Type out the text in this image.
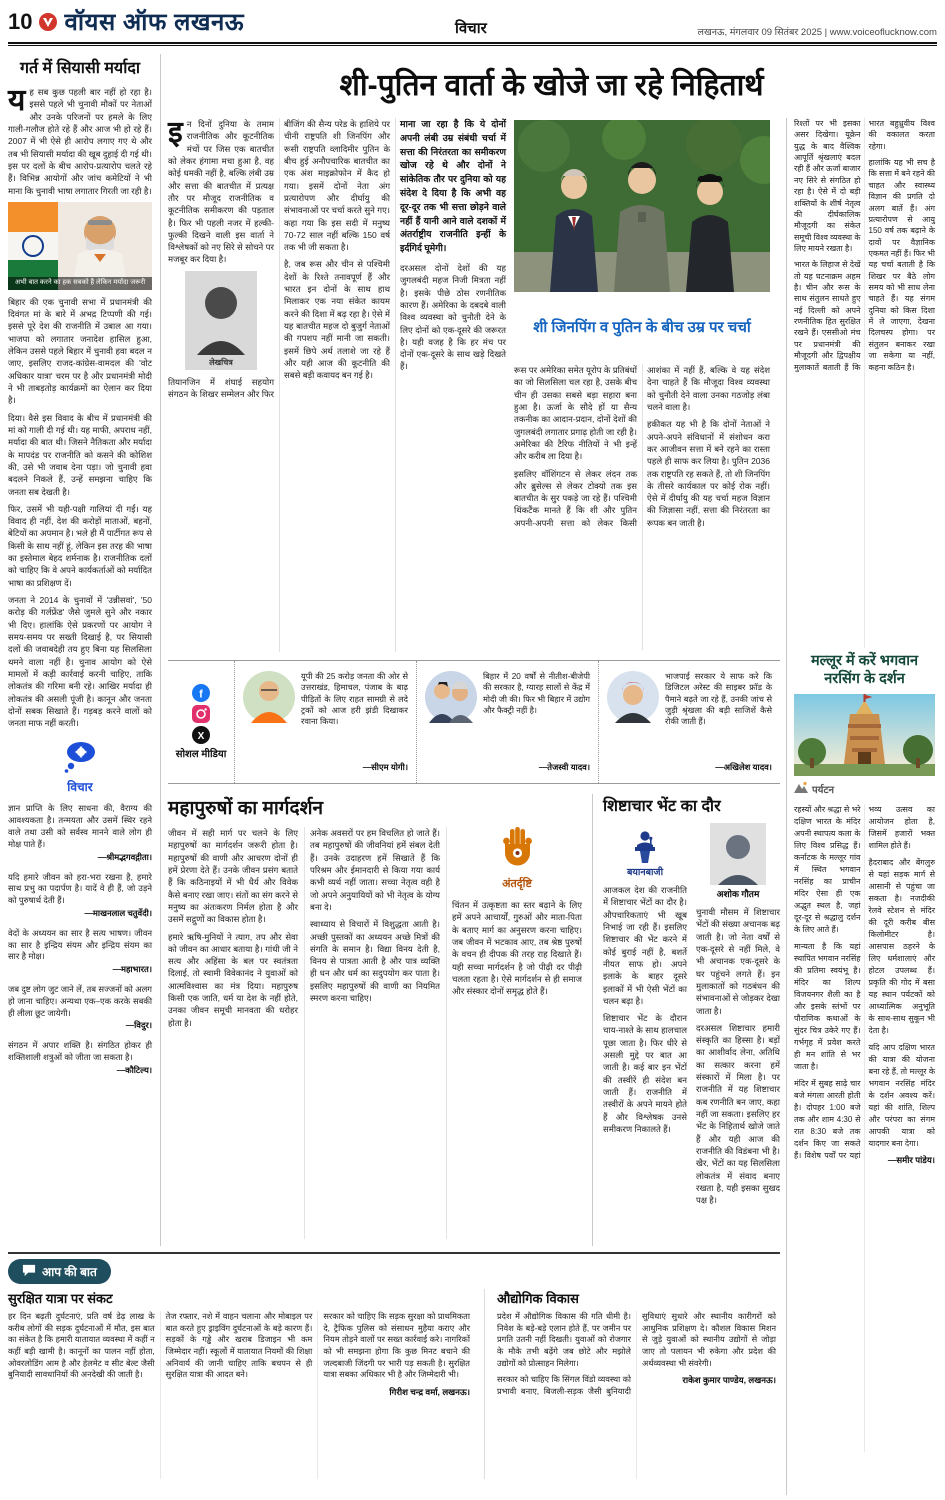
10 वॉयस ऑफ लखनऊ	विचार	लखनऊ, मंगलवार 09 सितंबर 2025 | www.voiceoflucknow.com
गर्त में सियासी मर्यादा

यह सब कुछ पहली बार नहीं हो रहा है। इससे पहले भी चुनावी मौकों पर नेताओं और उनके परिजनों पर हमले के लिए गाली-गलौज होते रहे हैं और आज भी हो रहे हैं। 2007 में भी ऐसे ही आरोप लगाए गए थे और तब भी सियासी मर्यादा की खूब दुहाई दी गई थी। इस पर दलों के बीच आरोप-प्रत्यारोप चलते रहे हैं। विभिन्न आयोगों और जांच कमेटियों ने भी माना कि चुनावी भाषा लगातार गिरती जा रही है।

अभी बात करने का हक सबको है लेकिन मर्यादा जरूरी

बिहार की एक चुनावी सभा में प्रधानमंत्री की दिवंगत मां के बारे में अभद्र टिप्पणी की गई। इससे पूरे देश की राजनीति में उबाल आ गया। भाजपा को लगातार जनादेश हासिल हुआ, लेकिन उससे पहले बिहार में चुनावी हवा बदल न जाए, इसलिए राजद-कांग्रेस-वामदल की 'वोट अधिकार यात्रा' चरम पर है और प्रधानमंत्री मोदी ने भी ताबड़तोड़ कार्यक्रमों का ऐलान कर दिया है।

दिया। वैसे इस विवाद के बीच में प्रधानमंत्री की मां को गाली दी गई थी। यह माफी, अपराध नहीं, मर्यादा की बात थी। जिसने नैतिकता और मर्यादा के मापदंड पर राजनीति को कसने की कोशिश की, उसे भी जवाब देना पड़ा। जो चुनावी हवा बदलने निकले हैं, उन्हें समझना चाहिए कि जनता सब देखती है।

फिर, उसमें भी यही-पक्षी गालियां दी गईं। यह विवाद ही नहीं, देश की करोड़ों माताओं, बहनों, बेटियों का अपमान है। भले ही मैं पार्टीगत रूप से किसी के साथ नहीं हूं, लेकिन इस तरह की भाषा का इस्तेमाल बेहद शर्मनाक है। राजनीतिक दलों को चाहिए कि वे अपने कार्यकर्ताओं को मर्यादित भाषा का प्रशिक्षण दें।

जनता ने 2014 के चुनावों में 'उन्नीसवां', '50 करोड़ की गर्लफ्रेंड' जैसे जुमले सुने और नकार भी दिए। हालांकि ऐसे प्रकरणों पर आयोग ने समय-समय पर सख्ती दिखाई है, पर सियासी दलों की जवाबदेही तय हुए बिना यह सिलसिला थमने वाला नहीं है। चुनाव आयोग को ऐसे मामलों में कड़ी कार्रवाई करनी चाहिए, ताकि लोकतंत्र की गरिमा बनी रहे। आखिर मर्यादा ही लोकतंत्र की असली पूंजी है। कानून और जनता दोनों सबक सिखाते हैं। गड़बड़ करने वालों को जनता माफ नहीं करती।

विचार

ज्ञान प्राप्ति के लिए साधना की, वैराग्य की आवश्यकता है। तन्मयता और उसमें स्थिर रहने वाले तथा उसी को सर्वस्व मानने वाले लोग ही मोक्ष पाते हैं।

—श्रीमद्भगवद्गीता।

यदि हमारे जीवन को हरा-भरा रखना है, हमारे साथ प्रभु का पदार्पण है। यादें वे ही हैं, जो उड़ने को पुरुषार्थ देती हैं।

—माखनलाल चतुर्वेदी।

वेदों के अध्ययन का सार है सत्य भाषण। जीवन का सार है इन्द्रिय संयम और इन्द्रिय संयम का सार है मोक्ष।

—महाभारत।

जब दुष्ट लोग जुट जाने लें, तब सज्जनों को अलग हो जाना चाहिए। अन्यथा एक–एक करके सबकी ही लीला छूट जायेगी।

—विदुर।

संगठन में अपार शक्ति है। संगठित होकर ही शक्तिशाली शत्रुओं को जीता जा सकता है।

—कौटिल्य।

शी-पुतिन वार्ता के खोजे जा रहे निहितार्थ

इन दिनों दुनिया के तमाम राजनीतिक और कूटनीतिक मंचों पर जिस एक बातचीत को लेकर हंगामा मचा हुआ है, वह कोई धमकी नहीं है, बल्कि लंबी उम्र और सत्ता की बातचीत में प्रत्यक्ष तौर पर मौजूद राजनीतिक व कूटनीतिक समीकरण की पड़ताल है। फिर भी पहली नजर में हल्की-फुल्की दिखने वाली इस वार्ता ने विश्लेषकों को नए सिरे से सोचने पर मजबूर कर दिया है।

लेखचित्र

तियानजिन में शंघाई सहयोग संगठन के शिखर सम्मेलन और फिर बीजिंग की सैन्य परेड के हाशिये पर चीनी राष्ट्रपति शी जिनपिंग और रूसी राष्ट्रपति व्लादिमीर पुतिन के बीच हुई अनौपचारिक बातचीत का एक अंश माइक्रोफोन में कैद हो गया। इसमें दोनों नेता अंग प्रत्यारोपण और दीर्घायु की संभावनाओं पर चर्चा करते सुने गए। कहा गया कि इस सदी में मनुष्य 70-72 साल नहीं बल्कि 150 वर्ष तक भी जी सकता है।

है, जब रूस और चीन से पश्चिमी देशों के रिश्ते तनावपूर्ण हैं और भारत इन दोनों के साथ हाथ मिलाकर एक नया संकेत कायम करने की दिशा में बढ़ रहा है। ऐसे में यह बातचीत महज दो बुजुर्ग नेताओं की गपशप नहीं मानी जा सकती। इसमें छिपे अर्थ तलाशे जा रहे हैं और यही आज की कूटनीति की सबसे बड़ी कवायद बन गई है।

माना जा रहा है कि ये दोनों अपनी लंबी उम्र संबंधी चर्चा में सत्ता की निरंतरता का समीकरण खोज रहे थे और दोनों ने सांकेतिक तौर पर दुनिया को यह संदेश दे दिया है कि अभी वह दूर-दूर तक भी सत्ता छोड़ने वाले नहीं हैं यानी आने वाले दशकों में अंतर्राष्ट्रीय राजनीति इन्हीं के इर्दगिर्द घूमेगी।

दरअसल दोनों देशों की यह जुगलबंदी महज निजी मित्रता नहीं है। इसके पीछे ठोस रणनीतिक कारण हैं। अमेरिका के दबदबे वाली विश्व व्यवस्था को चुनौती देने के लिए दोनों को एक-दूसरे की जरूरत है। यही वजह है कि हर मंच पर दोनों एक-दूसरे के साथ खड़े दिखते हैं।

शी जिनपिंग व पुतिन के बीच उम्र पर चर्चा

रूस पर अमेरिका समेत यूरोप के प्रतिबंधों का जो सिलसिला चल रहा है, उसके बीच चीन ही उसका सबसे बड़ा सहारा बना हुआ है। ऊर्जा के सौदे हों या सैन्य तकनीक का आदान-प्रदान, दोनों देशों की जुगलबंदी लगातार प्रगाढ़ होती जा रही है। अमेरिका की टैरिफ नीतियों ने भी इन्हें और करीब ला दिया है।

इसलिए वॉशिंगटन से लेकर लंदन तक और ब्रुसेल्स से लेकर टोक्यो तक इस बातचीत के सुर पकड़े जा रहे हैं। पश्चिमी थिंकटैंक मानते हैं कि शी और पुतिन अपनी-अपनी सत्ता को लेकर किसी आशंका में नहीं हैं, बल्कि वे यह संदेश देना चाहते हैं कि मौजूदा विश्व व्यवस्था को चुनौती देने वाला उनका गठजोड़ लंबा चलने वाला है।

हकीकत यह भी है कि दोनों नेताओं ने अपने-अपने संविधानों में संशोधन करा कर आजीवन सत्ता में बने रहने का रास्ता पहले ही साफ कर लिया है। पुतिन 2036 तक राष्ट्रपति रह सकते हैं, तो शी जिनपिंग के तीसरे कार्यकाल पर कोई रोक नहीं। ऐसे में दीर्घायु की यह चर्चा महज विज्ञान की जिज्ञासा नहीं, सत्ता की निरंतरता का रूपक बन जाती है।

रिश्तों पर भी इसका असर दिखेगा। यूक्रेन युद्ध के बाद वैश्विक आपूर्ति श्रृंखलाएं बदल रही हैं और ऊर्जा बाजार नए सिरे से संगठित हो रहा है। ऐसे में दो बड़ी शक्तियों के शीर्ष नेतृत्व की दीर्घकालिक मौजूदगी का संकेत समूची विश्व व्यवस्था के लिए मायने रखता है।

भारत के लिहाज से देखें तो यह घटनाक्रम अहम है। चीन और रूस के साथ संतुलन साधते हुए नई दिल्ली को अपने रणनीतिक हित सुरक्षित रखने हैं। एससीओ मंच पर प्रधानमंत्री की मौजूदगी और द्विपक्षीय मुलाकातें बताती हैं कि भारत बहुध्रुवीय विश्व की वकालत करता रहेगा।

हालांकि यह भी सच है कि सत्ता में बने रहने की चाहत और स्वास्थ्य विज्ञान की प्रगति दो अलग बातें हैं। अंग प्रत्यारोपण से आयु 150 वर्ष तक बढ़ाने के दावों पर वैज्ञानिक एकमत नहीं हैं। फिर भी यह चर्चा बताती है कि शिखर पर बैठे लोग समय को भी साध लेना चाहते हैं। यह संगम दुनिया को किस दिशा में ले जाएगा, देखना दिलचस्प होगा। पर संतुलन बनाकर रखा जा सकेगा या नहीं, कहना कठिन है।

f
X
सोशल मीडिया

यूपी की 25 करोड़ जनता की ओर से उत्तराखंड, हिमाचल, पंजाब के बाढ़ पीड़ितों के लिए राहत सामग्री से लदे ट्रकों को आज हरी झंडी दिखाकर रवाना किया।

—सीएम योगी।

बिहार में 20 वर्षों से नीतीश-बीजेपी की सरकार है, ग्यारह सालों से केंद्र में मोदी जी की। फिर भी बिहार में उद्योग और फैक्ट्री नहीं है।

—तेजस्वी यादव।

भाजपाई सरकार ये साफ करे कि डिजिटल अरेस्ट की साइबर फ्रॉड के पैमाने बढ़ते जा रहे हैं, उनकी जांच से जुड़ी श्रृंखला की बड़ी साजिशें कैसे रोकी जाती हैं।

—अखिलेश यादव।

महापुरुषों का मार्गदर्शन

जीवन में सही मार्ग पर चलने के लिए महापुरुषों का मार्गदर्शन जरूरी होता है। महापुरुषों की वाणी और आचरण दोनों ही हमें प्रेरणा देते हैं। उनके जीवन प्रसंग बताते हैं कि कठिनाइयों में भी धैर्य और विवेक कैसे बनाए रखा जाए। संतों का संग करने से मनुष्य का अंतःकरण निर्मल होता है और उसमें सद्गुणों का विकास होता है।

हमारे ऋषि-मुनियों ने त्याग, तप और सेवा को जीवन का आधार बताया है। गांधी जी ने सत्य और अहिंसा के बल पर स्वतंत्रता दिलाई, तो स्वामी विवेकानंद ने युवाओं को आत्मविश्वास का मंत्र दिया। महापुरुष किसी एक जाति, धर्म या देश के नहीं होते, उनका जीवन समूची मानवता की धरोहर होता है।

अनेक अवसरों पर हम विचलित हो जाते हैं। तब महापुरुषों की जीवनियां हमें संबल देती हैं। उनके उदाहरण हमें सिखाते हैं कि परिश्रम और ईमानदारी से किया गया कार्य कभी व्यर्थ नहीं जाता। सच्चा नेतृत्व वही है जो अपने अनुयायियों को भी नेतृत्व के योग्य बना दे।

स्वाध्याय से विचारों में विशुद्धता आती है। अच्छी पुस्तकों का अध्ययन अच्छे मित्रों की संगति के समान है। विद्या विनय देती है, विनय से पात्रता आती है और पात्र व्यक्ति ही धन और धर्म का सदुपयोग कर पाता है। इसलिए महापुरुषों की वाणी का नियमित स्मरण करना चाहिए।

अंतर्दृष्टि

चिंतन में उत्कृष्टता का स्तर बढ़ाने के लिए हमें अपने आचार्यों, गुरुओं और माता-पिता के बताए मार्ग का अनुसरण करना चाहिए। जब जीवन में भटकाव आए, तब श्रेष्ठ पुरुषों के वचन ही दीपक की तरह राह दिखाते हैं। यही सच्चा मार्गदर्शन है जो पीढ़ी दर पीढ़ी चलता रहता है। ऐसे मार्गदर्शन से ही समाज और संस्कार दोनों समृद्ध होते हैं।

शिष्टाचार भेंट का दौर
बयानबाजी

आजकल देश की राजनीति में शिष्टाचार भेंटों का दौर है। औपचारिकताएं भी खूब निभाई जा रही हैं। इसलिए शिष्टाचार की भेंट करने में कोई बुराई नहीं है, बशर्ते नीयत साफ हो। अपने इलाके के बाहर दूसरे इलाकों में भी ऐसी भेंटों का चलन बढ़ा है।

शिष्टाचार भेंट के दौरान चाय-नाश्ते के साथ हालचाल पूछा जाता है। फिर धीरे से असली मुद्दे पर बात आ जाती है। कई बार इन भेंटों की तस्वीरें ही संदेश बन जाती हैं। राजनीति में तस्वीरों के अपने मायने होते हैं और विश्लेषक उनसे समीकरण निकालते हैं।

अशोक गौतम

चुनावी मौसम में शिष्टाचार भेंटों की संख्या अचानक बढ़ जाती है। जो नेता वर्षों से एक-दूसरे से नहीं मिले, वे भी अचानक एक-दूसरे के घर पहुंचने लगते हैं। इन मुलाकातों को गठबंधन की संभावनाओं से जोड़कर देखा जाता है।

दरअसल शिष्टाचार हमारी संस्कृति का हिस्सा है। बड़ों का आशीर्वाद लेना, अतिथि का सत्कार करना हमें संस्कारों में मिला है। पर राजनीति में यह शिष्टाचार कब रणनीति बन जाए, कहा नहीं जा सकता। इसलिए हर भेंट के निहितार्थ खोजे जाते हैं और यही आज की राजनीति की विडंबना भी है। खैर, भेंटों का यह सिलसिला लोकतंत्र में संवाद बनाए रखता है, यही इसका सुखद पक्ष है।

मल्लूर में करें भगवान नरसिंग के दर्शन
पर्यटन

रहस्यों और श्रद्धा से भरे दक्षिण भारत के मंदिर अपनी स्थापत्य कला के लिए विश्व प्रसिद्ध हैं। कर्नाटक के मल्लूर गांव में स्थित भगवान नरसिंह का प्राचीन मंदिर ऐसा ही एक अद्भुत स्थल है, जहां दूर-दूर से श्रद्धालु दर्शन के लिए आते हैं।

मान्यता है कि यहां स्थापित भगवान नरसिंह की प्रतिमा स्वयंभू है। मंदिर का शिल्प विजयनगर शैली का है और इसके स्तंभों पर पौराणिक कथाओं के सुंदर चित्र उकेरे गए हैं। गर्भगृह में प्रवेश करते ही मन शांति से भर जाता है।

मंदिर में सुबह साढ़े चार बजे मंगला आरती होती है। दोपहर 1:00 बजे तक और शाम 4:30 से रात 8:30 बजे तक दर्शन किए जा सकते हैं। विशेष पर्वों पर यहां भव्य उत्सव का आयोजन होता है, जिसमें हजारों भक्त शामिल होते हैं।

हैदराबाद और बेंगलुरु से यहां सड़क मार्ग से आसानी से पहुंचा जा सकता है। नजदीकी रेलवे स्टेशन से मंदिर की दूरी करीब बीस किलोमीटर है। आसपास ठहरने के लिए धर्मशालाएं और होटल उपलब्ध हैं। प्रकृति की गोद में बसा यह स्थान पर्यटकों को आध्यात्मिक अनुभूति के साथ-साथ सुकून भी देता है।

यदि आप दक्षिण भारत की यात्रा की योजना बना रहे हैं, तो मल्लूर के भगवान नरसिंह मंदिर के दर्शन अवश्य करें। यहां की शांति, शिल्प और परंपरा का संगम आपकी यात्रा को यादगार बना देगा।

—समीर पांडेय।

आप की बात
सुरक्षित यात्रा पर संकट

हर दिन बढ़ती दुर्घटनाएं, प्रति वर्ष डेढ़ लाख के करीब लोगों की सड़क दुर्घटनाओं में मौत, इस बात का संकेत है कि हमारी यातायात व्यवस्था में कहीं न कहीं बड़ी खामी है। कानूनों का पालन नहीं होता, ओवरलोडिंग आम है और हेलमेट व सीट बेल्ट जैसी बुनियादी सावधानियों की अनदेखी की जाती है।

तेज रफ्तार, नशे में वाहन चलाना और मोबाइल पर बात करते हुए ड्राइविंग दुर्घटनाओं के बड़े कारण हैं। सड़कों के गड्ढे और खराब डिजाइन भी कम जिम्मेदार नहीं। स्कूलों में यातायात नियमों की शिक्षा अनिवार्य की जानी चाहिए ताकि बचपन से ही सुरक्षित यात्रा की आदत बने।

सरकार को चाहिए कि सड़क सुरक्षा को प्राथमिकता दे, ट्रैफिक पुलिस को संसाधन मुहैया कराए और नियम तोड़ने वालों पर सख्त कार्रवाई करे। नागरिकों को भी समझना होगा कि कुछ मिनट बचाने की जल्दबाजी जिंदगी पर भारी पड़ सकती है। सुरक्षित यात्रा सबका अधिकार भी है और जिम्मेदारी भी।

गिरीश चन्द्र वर्मा, लखनऊ।

औद्योगिक विकास

प्रदेश में औद्योगिक विकास की गति धीमी है। निवेश के बड़े-बड़े एलान होते हैं, पर जमीन पर प्रगति उतनी नहीं दिखती। युवाओं को रोजगार के मौके तभी बढ़ेंगे जब छोटे और मझोले उद्योगों को प्रोत्साहन मिलेगा।

सरकार को चाहिए कि सिंगल विंडो व्यवस्था को प्रभावी बनाए, बिजली-सड़क जैसी बुनियादी सुविधाएं सुधारे और स्थानीय कारीगरों को आधुनिक प्रशिक्षण दे। कौशल विकास मिशन से जुड़े युवाओं को स्थानीय उद्योगों से जोड़ा जाए तो पलायन भी रुकेगा और प्रदेश की अर्थव्यवस्था भी संवरेगी।

राकेश कुमार पाण्डेय, लखनऊ।
